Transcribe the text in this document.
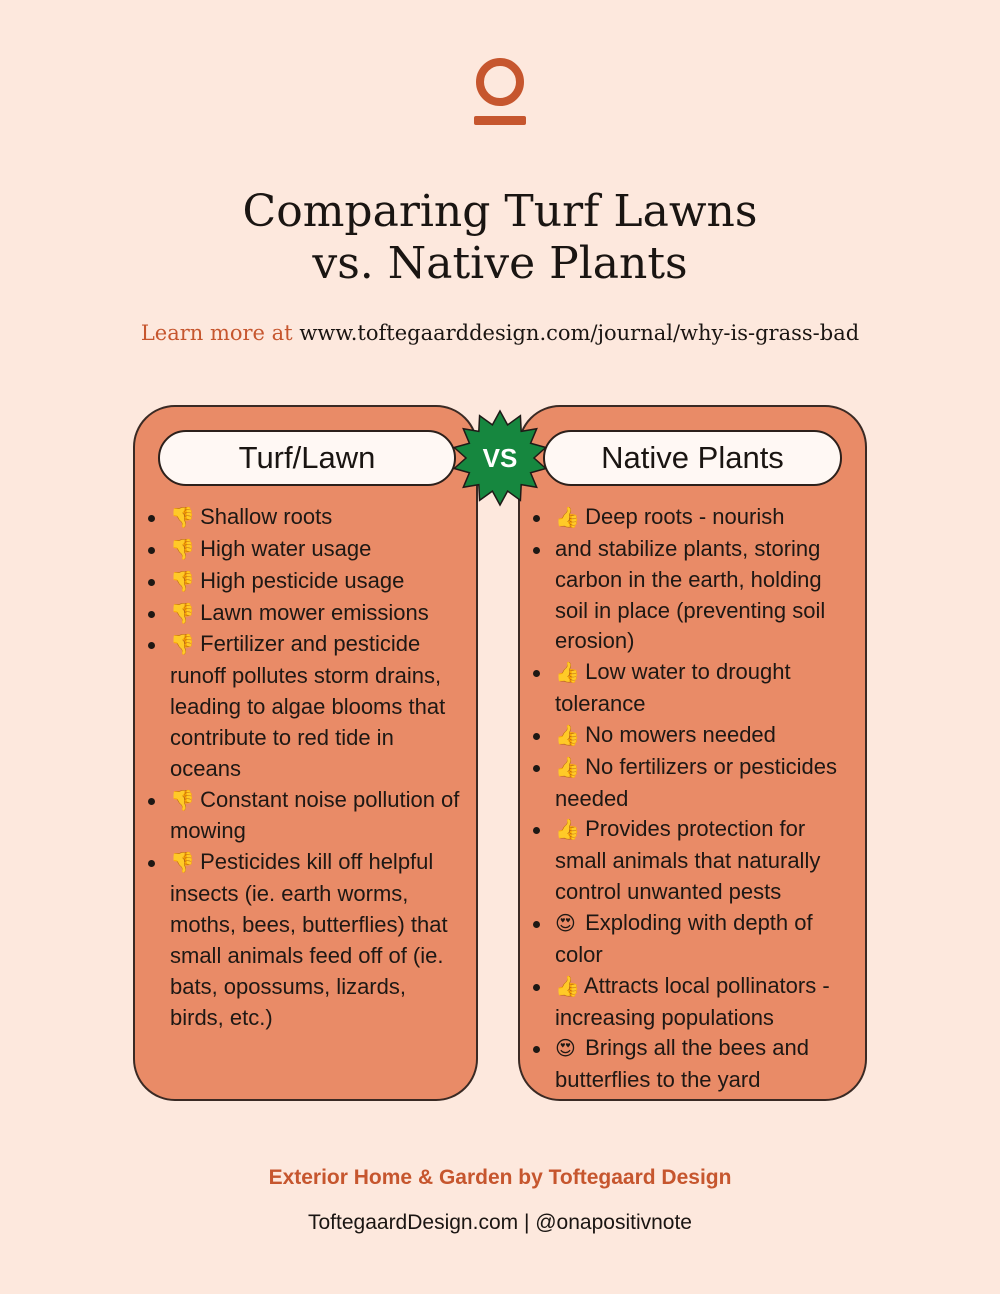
Comparing Turf Lawns
vs. Native Plants
Learn more at www.toftegaarddesign.com/journal/why-is-grass-bad
Turf/Lawn	Native Plants
VS
👎 Shallow roots
👎 High water usage
👎 High pesticide usage
👎 Lawn mower emissions
👎 Fertilizer and pesticide runoff pollutes storm drains, leading to algae blooms that contribute to red tide in oceans
👎 Constant noise pollution of mowing
👎 Pesticides kill off helpful insects (ie. earth worms, moths, bees, butterflies) that small animals feed off of (ie. bats, opossums, lizards, birds, etc.)
👍 Deep roots - nourish
and stabilize plants, storing carbon in the earth, holding soil in place (preventing soil erosion)
👍 Low water to drought tolerance
👍 No mowers needed
👍 No fertilizers or pesticides needed
👍 Provides protection for small animals that naturally control unwanted pests
😍 Exploding with depth of color
👍 Attracts local pollinators - increasing populations
😍 Brings all the bees and butterflies to the yard
Exterior Home & Garden by Toftegaard Design
ToftegaardDesign.com | @onapositivnote
